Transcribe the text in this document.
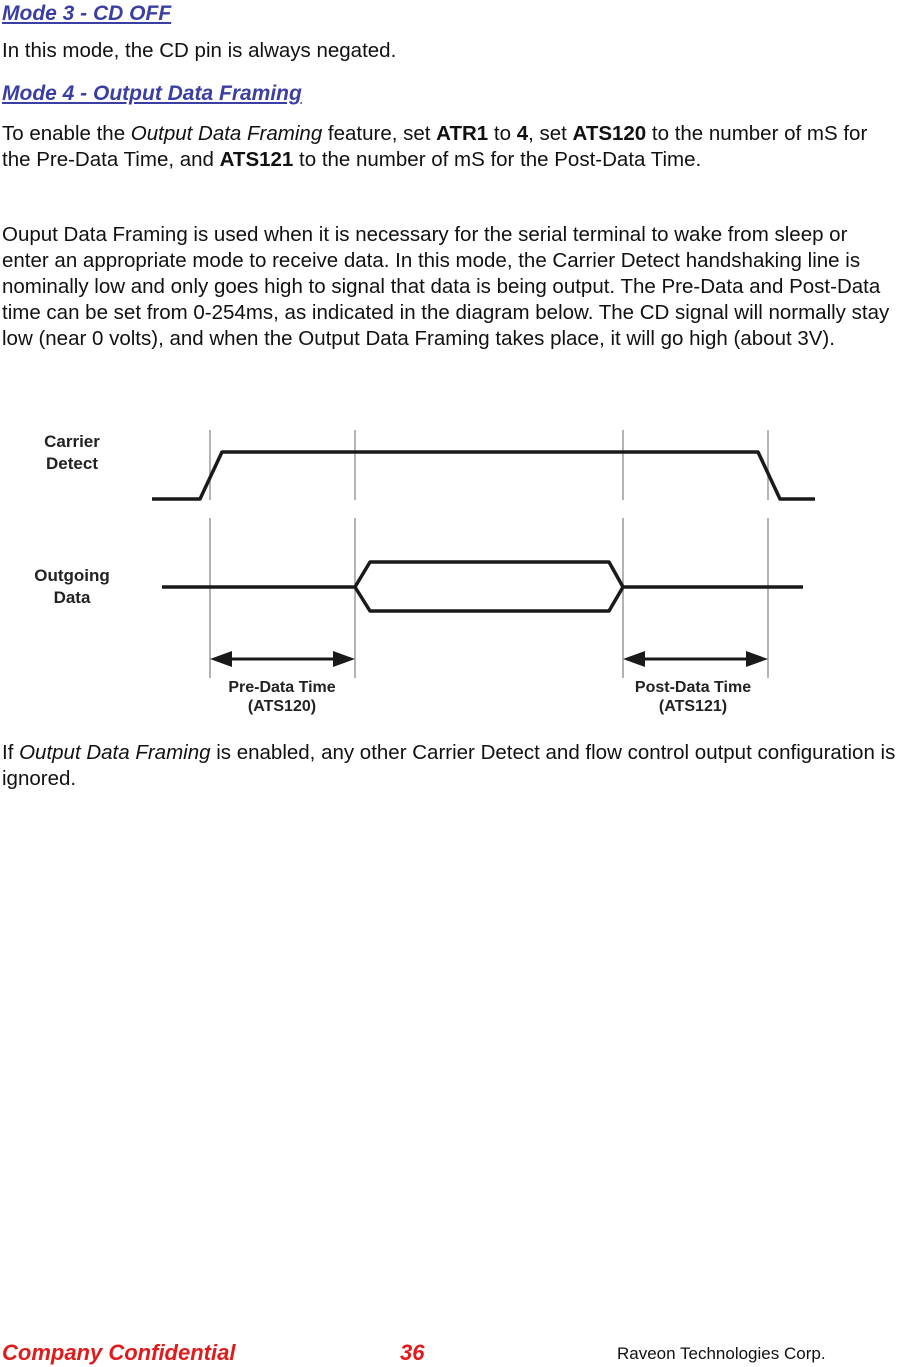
Mode 3 - CD OFF

In this mode, the CD pin is always negated.

Mode 4 - Output Data Framing

To enable the Output Data Framing feature, set ATR1 to 4, set ATS120 to the number of mS for the Pre-Data Time, and ATS121 to the number of mS for the Post-Data Time.

Ouput Data Framing is used when it is necessary for the serial terminal to wake from sleep or enter an appropriate mode to receive data. In this mode, the Carrier Detect handshaking line is nominally low and only goes high to signal that data is being output. The Pre-Data and Post-Data time can be set from 0-254ms, as indicated in the diagram below. The CD signal will normally stay low (near 0 volts), and when the Output Data Framing takes place, it will go high (about 3V).

Carrier
Detect
Outgoing
Data
Pre-Data Time
(ATS120)
Post-Data Time
(ATS121)

If Output Data Framing is enabled, any other Carrier Detect and flow control output configuration is ignored.

Company Confidential	36	Raveon Technologies Corp.
